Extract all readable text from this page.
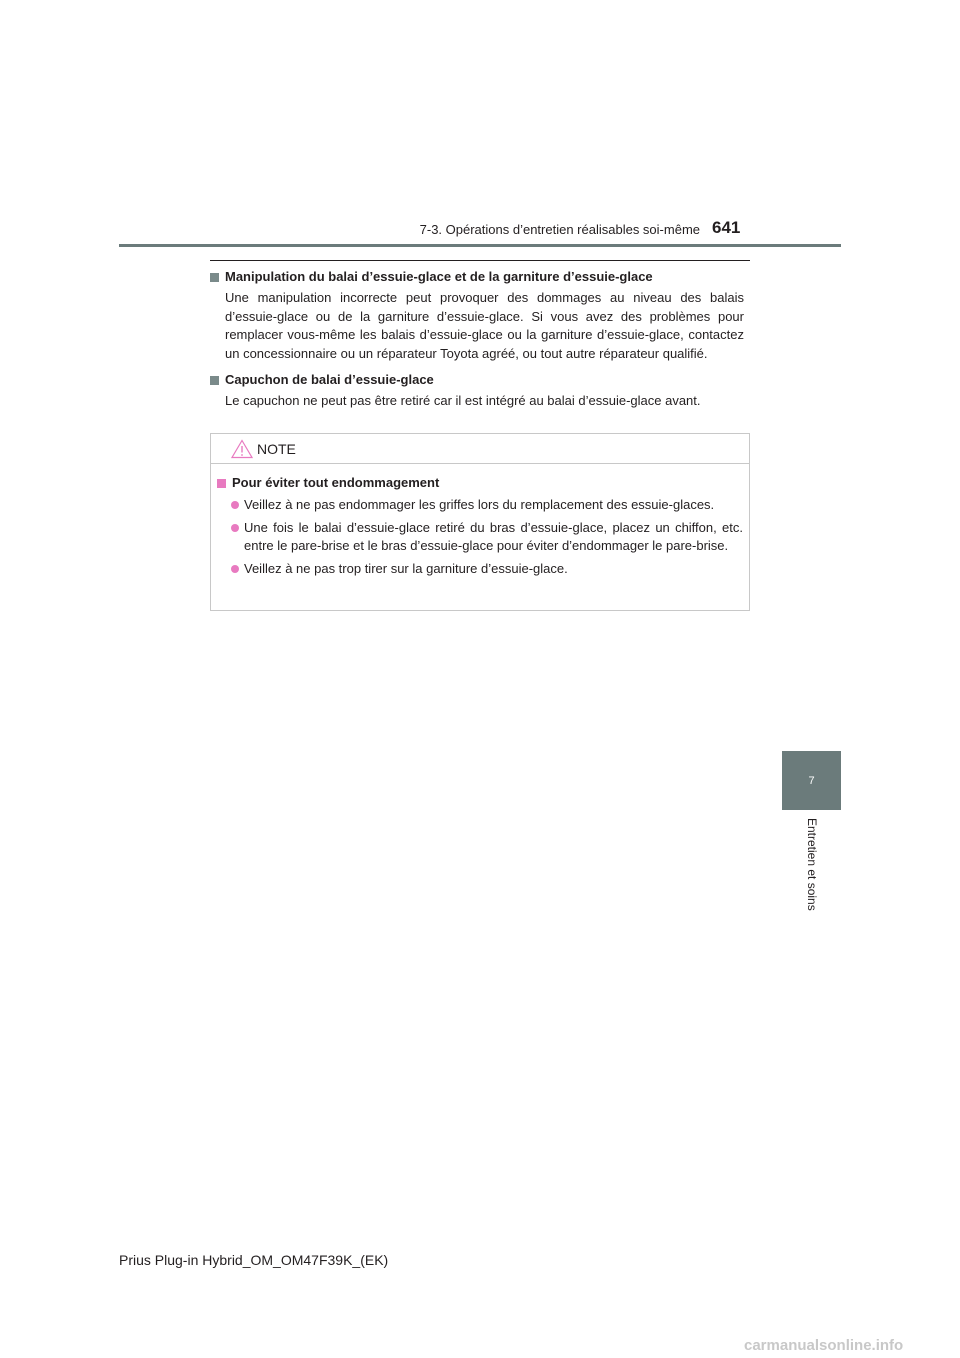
7-3. Opérations d’entretien réalisables soi-même 641
Manipulation du balai d’essuie-glace et de la garniture d’essuie-glace
Une manipulation incorrecte peut provoquer des dommages au niveau des balais d’essuie-glace ou de la garniture d’essuie-glace. Si vous avez des problèmes pour remplacer vous-même les balais d’essuie-glace ou la garniture d’essuie-glace, contactez un concessionnaire ou un réparateur Toyota agréé, ou tout autre réparateur qualifié.
Capuchon de balai d’essuie-glace
Le capuchon ne peut pas être retiré car il est intégré au balai d’essuie-glace avant.
NOTE
Pour éviter tout endommagement
Veillez à ne pas endommager les griffes lors du remplacement des essuie-glaces.
Une fois le balai d’essuie-glace retiré du bras d’essuie-glace, placez un chiffon, etc. entre le pare-brise et le bras d’essuie-glace pour éviter d’endommager le pare-brise.
Veillez à ne pas trop tirer sur la garniture d’essuie-glace.
7
Entretien et soins
Prius Plug-in Hybrid_OM_OM47F39K_(EK)
carmanualsonline.info
